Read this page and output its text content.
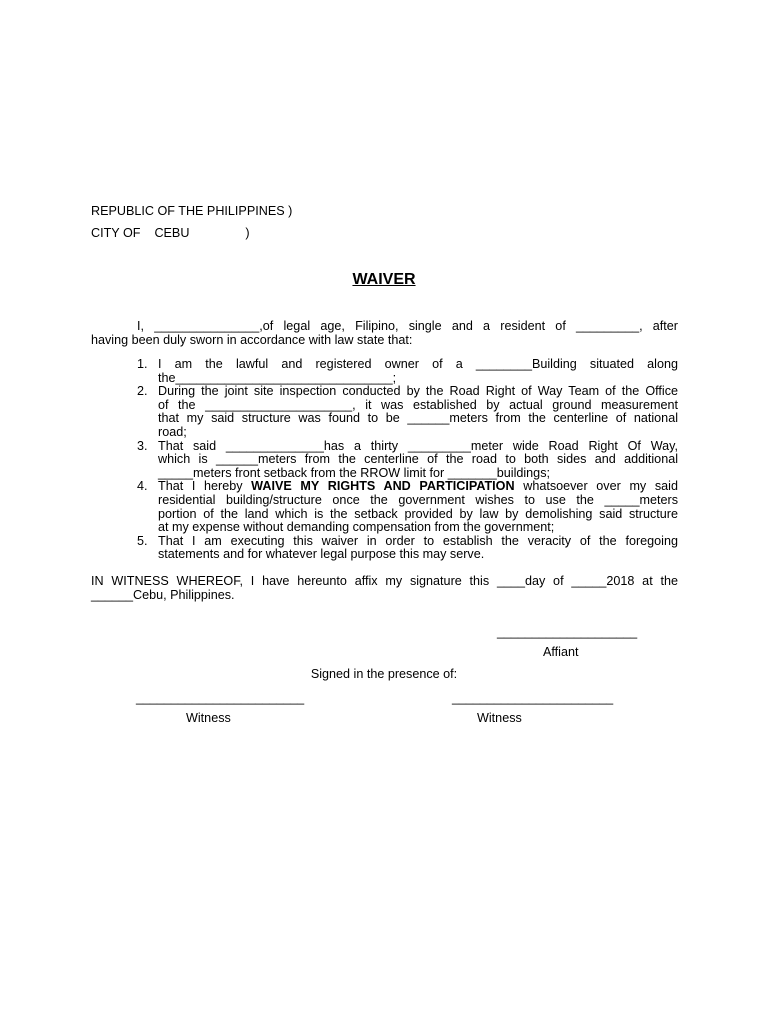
REPUBLIC OF THE PHILIPPINES )
CITY OF    CEBU                )
WAIVER
I, _______________,of legal age, Filipino, single and a resident of _________, after
having been duly sworn in accordance with law state that:
1. I am the lawful and registered owner of a ________Building situated along
the_______________________________;
2. During the joint site inspection conducted by the Road Right of Way Team of the Office
of the _____________________, it was established by actual ground measurement
that my said structure was found to be ______meters from the centerline of national
road;
3. That said ______________has a thirty _________meter wide Road Right Of Way,
which is ______meters from the centerline of the road to both sides and additional
_____meters front setback from the RROW limit for _______buildings;
4. That I hereby WAIVE MY RIGHTS AND PARTICIPATION whatsoever over my said
residential building/structure once the government wishes to use the _____meters
portion of the land which is the setback provided by law by demolishing said structure
at my expense without demanding compensation from the government;
5. That I am executing this waiver in order to establish the veracity of the foregoing
statements and for whatever legal purpose this may serve.
IN WITNESS WHEREOF, I have hereunto affix my signature this ____day of _____2018 at the
______Cebu, Philippines.
____________________
Affiant
Signed in the presence of:
________________________
Witness
_______________________
Witness
